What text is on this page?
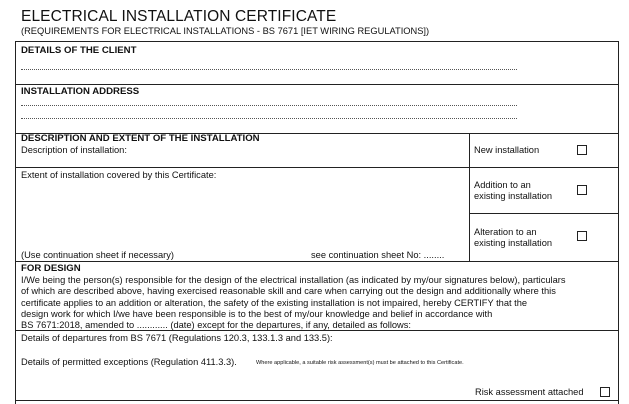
ELECTRICAL INSTALLATION CERTIFICATE
(REQUIREMENTS FOR ELECTRICAL INSTALLATIONS - BS 7671 [IET WIRING REGULATIONS])
DETAILS OF THE CLIENT
INSTALLATION ADDRESS
DESCRIPTION AND EXTENT OF THE INSTALLATION
Description of installation:
Extent of installation covered by this Certificate:
(Use continuation sheet if necessary)	see continuation sheet No: ........
New installation
Addition to an
existing installation
Alteration to an
existing installation
FOR DESIGN
I/We being the person(s) responsible for the design of the electrical installation (as indicated by my/our signatures below), particulars
of which are described above, having exercised reasonable skill and care when carrying out the design and additionally where this
certificate applies to an addition or alteration, the safety of the existing installation is not impaired, hereby CERTIFY that the
design work for which I/we have been responsible is to the best of my/our knowledge and belief in accordance with
BS 7671:2018, amended to ............ (date) except for the departures, if any, detailed as follows:
Details of departures from BS 7671 (Regulations 120.3, 133.1.3 and 133.5):
Details of permitted exceptions (Regulation 411.3.3).	Where applicable, a suitable risk assessment(s) must be attached to this Certificate.
Risk assessment attached
